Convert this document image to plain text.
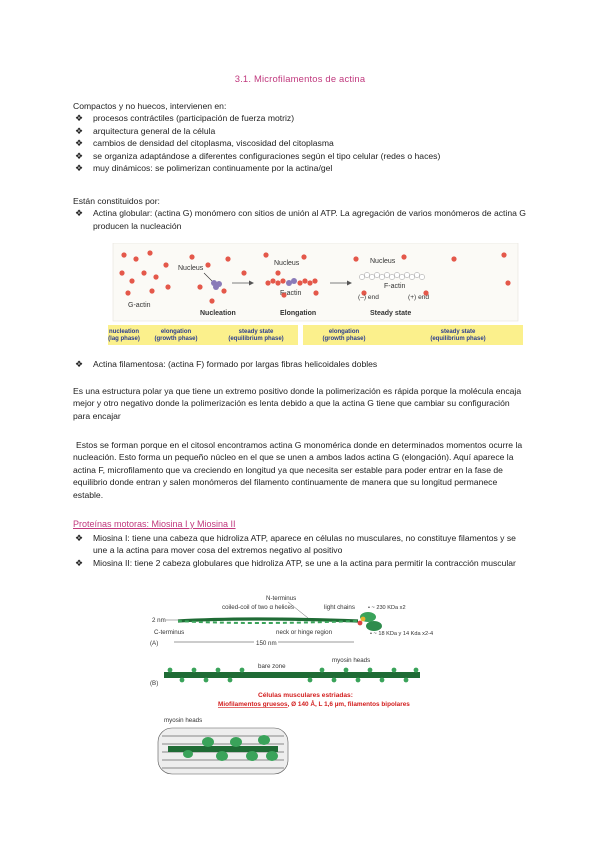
3.1. Microfilamentos de actina
Compactos y no huecos, intervienen en:
❖ procesos contráctiles (participación de fuerza motriz)
❖ arquitectura general de la célula
❖ cambios de densidad del citoplasma, viscosidad del citoplasma
❖ se organiza adaptándose a diferentes configuraciones según el tipo celular (redes o haces)
❖ muy dinámicos: se polimerizan continuamente por la actina/gel
Están constituidos por:
❖ Actina globular: (actina G) monómero con sitios de unión al ATP. La agregación de varios monómeros de actina G producen la nucleación
G-actin
Nucleus
Nucleus
F-actin
Nucleus
F-actin
(–) end	(+) end
Nucleation	Elongation	Steady state
nucleation
(lag phase)
elongation
(growth phase)
steady state
(equilibrium phase)
elongation
(growth phase)
steady state
(equilibrium phase)
❖ Actina filamentosa: (actina F) formado por largas fibras helicoidales dobles
Es una estructura polar ya que tiene un extremo positivo donde la polimerización es rápida porque la molécula encaja mejor y otro negativo donde la polimerización es lenta debido a que la actina G tiene que cambiar su configuración para encajar
Estos se forman porque en el citosol encontramos actina G monomérica donde en determinados momentos ocurre la nucleación. Esto forma un pequeño núcleo en el que se unen a ambos lados actina G (elongación). Aquí aparece la actina F, microfilamento que va creciendo en longitud ya que necesita ser estable para poder entrar en la fase de equilibrio donde entran y salen monómeros del filamento continuamente de manera que su longitud permanece estable.
Proteínas motoras: Miosina I y Miosina II
❖ Miosina I: tiene una cabeza que hidroliza ATP, aparece en células no musculares, no constituye filamentos y se une a la actina para mover cosa del extremos negativo al positivo
❖ Miosina II: tiene 2 cabeza globulares que hidroliza ATP, se une a la actina para permitir la contracción muscular
N-terminus
coiled-coil of two α helices	light chains • ~ 230 KDa x2
2 nm
C-terminus	neck or hinge region	• ~ 18 KDa y 14 Kda x2-4
(A)	150 nm
bare zone
myosin heads
(B)
Células musculares estriadas:
Miofilamentos gruesos, Ø 140 Å, L 1,6 µm, filamentos bipolares
myosin heads
